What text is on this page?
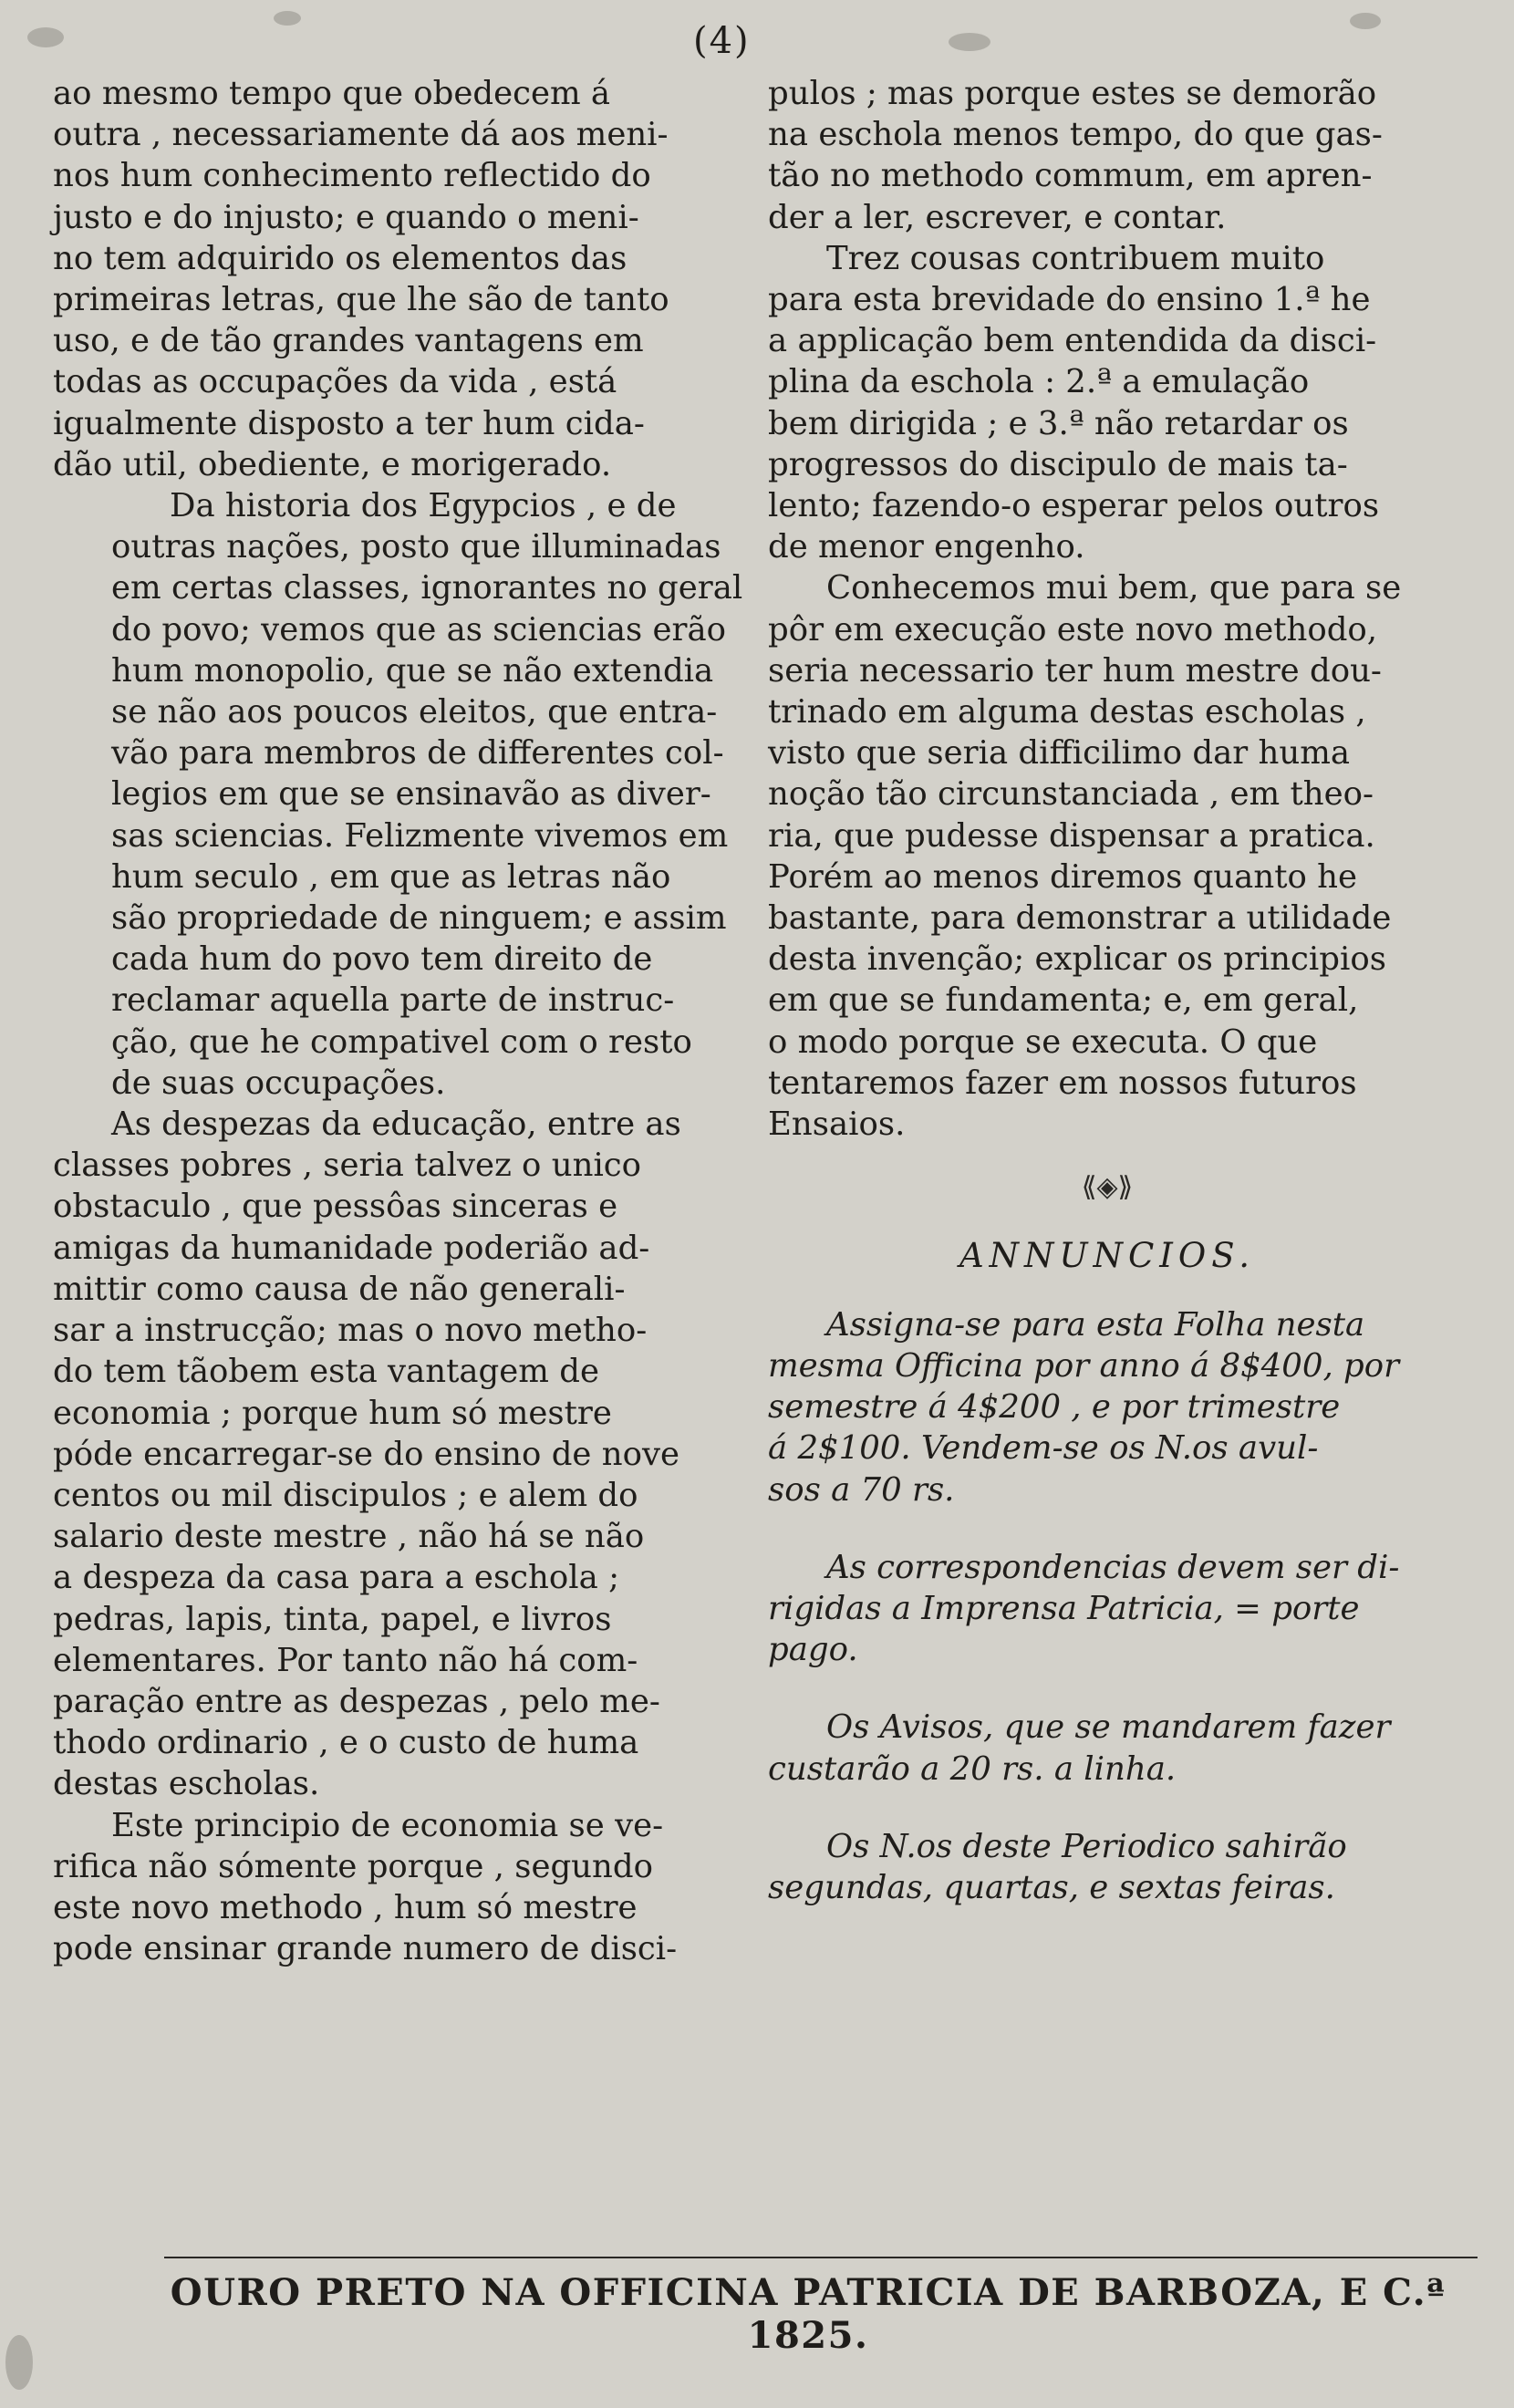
(4)

ao mesmo tempo que obedecem á
outra , necessariamente dá aos meni-
nos hum conhecimento reflectido do
justo e do injusto; e quando o meni-
no tem adquirido os elementos das
primeiras letras, que lhe são de tanto
uso, e de tão grandes vantagens em
todas as occupações da vida , está
igualmente disposto a ter hum cida-
dão util, obediente, e morigerado.

Da historia dos Egypcios , e de
outras nações, posto que illuminadas
em certas classes, ignorantes no geral
do povo; vemos que as sciencias erão
hum monopolio, que se não extendia
se não aos poucos eleitos, que entra-
vão para membros de differentes col-
legios em que se ensinavão as diver-
sas sciencias. Felizmente vivemos em
hum seculo , em que as letras não
são propriedade de ninguem; e assim
cada hum do povo tem direito de
reclamar aquella parte de instruc-
ção, que he compativel com o resto
de suas occupações.

As despezas da educação, entre as
classes pobres , seria talvez o unico
obstaculo , que pessôas sinceras e
amigas da humanidade poderião ad-
mittir como causa de não generali-
sar a instrucção; mas o novo metho-
do tem tãobem esta vantagem de
economia ; porque hum só mestre
póde encarregar-se do ensino de nove
centos ou mil discipulos ; e alem do
salario deste mestre , não há se não
a despeza da casa para a eschola ;
pedras, lapis, tinta, papel, e livros
elementares. Por tanto não há com-
paração entre as despezas , pelo me-
thodo ordinario , e o custo de huma
destas escholas.

Este principio de economia se ve-
rifica não sómente porque , segundo
este novo methodo , hum só mestre
pode ensinar grande numero de disci-

pulos ; mas porque estes se demorão
na eschola menos tempo, do que gas-
tão no methodo commum, em apren-
der a ler, escrever, e contar.

Trez cousas contribuem muito
para esta brevidade do ensino 1.ª he
a applicação bem entendida da disci-
plina da eschola : 2.ª a emulação
bem dirigida ; e 3.ª não retardar os
progressos do discipulo de mais ta-
lento; fazendo-o esperar pelos outros
de menor engenho.

Conhecemos mui bem, que para se
pôr em execução este novo methodo,
seria necessario ter hum mestre dou-
trinado em alguma destas escholas ,
visto que seria difficilimo dar huma
noção tão circunstanciada , em theo-
ria, que pudesse dispensar a pratica.
Porém ao menos diremos quanto he
bastante, para demonstrar a utilidade
desta invenção; explicar os principios
em que se fundamenta; e, em geral,
o modo porque se executa. O que
tentaremos fazer em nossos futuros
Ensaios.

⟪◈⟫
ANNUNCIOS.

Assigna-se para esta Folha nesta
mesma Officina por anno á 8$400, por
semestre á 4$200 , e por trimestre
á 2$100. Vendem-se os N.os avul-
sos a 70 rs.

As correspondencias devem ser di-
rigidas a Imprensa Patricia, = porte
pago.

Os Avisos, que se mandarem fazer
custarão a 20 rs. a linha.

Os N.os deste Periodico sahirão
segundas, quartas, e sextas feiras.

OURO PRETO NA OFFICINA PATRICIA DE BARBOZA, E C.ª 1825.
